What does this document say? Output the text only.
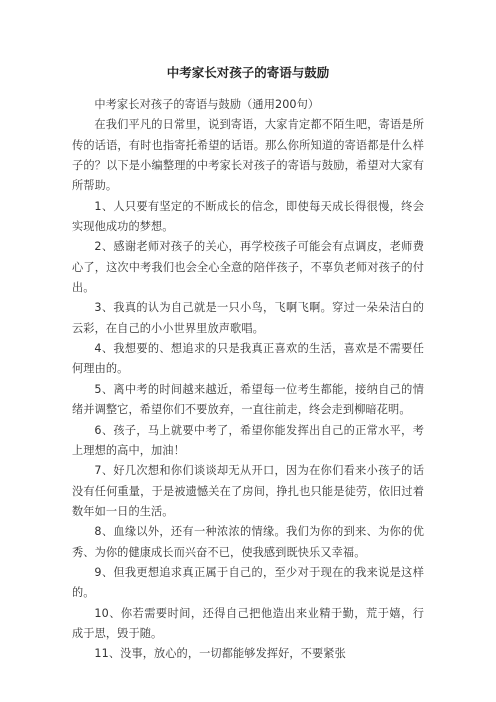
中考家长对孩子的寄语与鼓励

中考家长对孩子的寄语与鼓励（通用200句）

在我们平凡的日常里，说到寄语，大家肯定都不陌生吧，寄语是所传的话语，有时也指寄托希望的话语。那么你所知道的寄语都是什么样子的？以下是小编整理的中考家长对孩子的寄语与鼓励，希望对大家有所帮助。

1、人只要有坚定的不断成长的信念，即使每天成长得很慢，终会实现他成功的梦想。

2、感谢老师对孩子的关心，再学校孩子可能会有点调皮，老师费心了，这次中考我们也会全心全意的陪伴孩子，不辜负老师对孩子的付出。

3、我真的认为自己就是一只小鸟，飞啊飞啊。穿过一朵朵洁白的云彩，在自己的小小世界里放声歌唱。

4、我想要的、想追求的只是我真正喜欢的生活，喜欢是不需要任何理由的。

5、离中考的时间越来越近，希望每一位考生都能，接纳自己的情绪并调整它，希望你们不要放弃，一直往前走，终会走到柳暗花明。

6、孩子，马上就要中考了，希望你能发挥出自己的正常水平，考上理想的高中，加油！

7、好几次想和你们谈谈却无从开口，因为在你们看来小孩子的话没有任何重量，于是被遗憾关在了房间，挣扎也只能是徒劳，依旧过着数年如一日的生活。

8、血缘以外，还有一种浓浓的情缘。我们为你的到来、为你的优秀、为你的健康成长而兴奋不已，使我感到既快乐又幸福。

9、但我更想追求真正属于自己的，至少对于现在的我来说是这样的。

10、你若需要时间，还得自己把他造出来业精于勤，荒于嬉，行成于思，毁于随。

11、没事，放心的，一切都能够发挥好，不要紧张
